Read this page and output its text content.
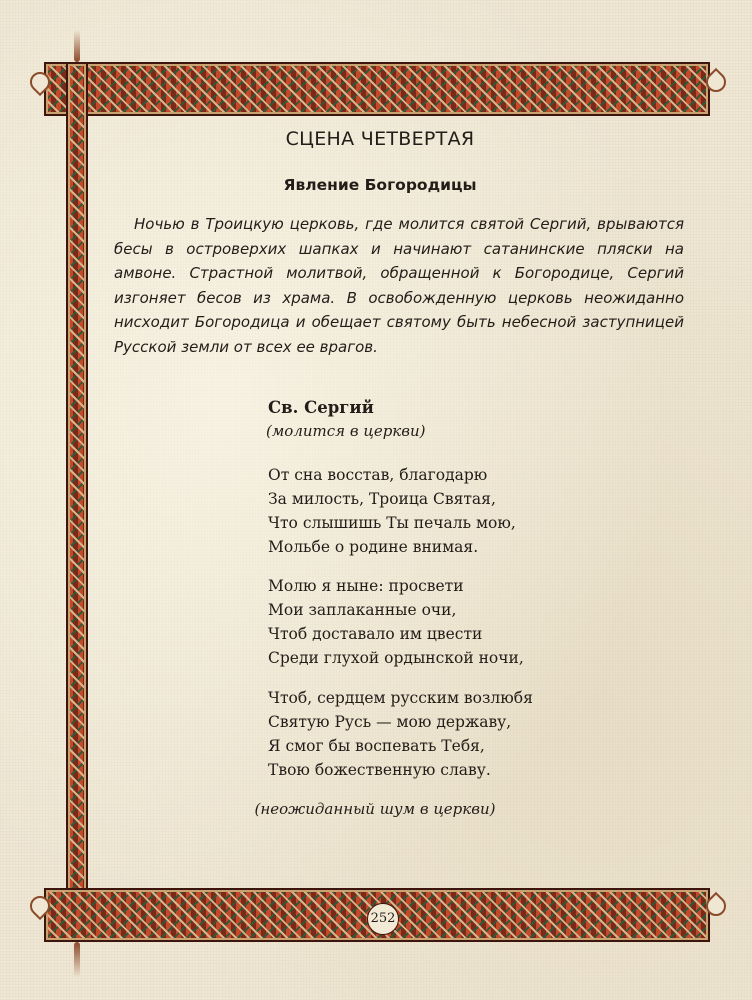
СЦЕНА ЧЕТВЕРТАЯ
Явление Богородицы
Ночью в Троицкую церковь, где молится святой Сергий, врываются бесы в островерхих шапках и начинают сатанинские пляски на амвоне. Страстной молитвой, обращенной к Богородице, Сергий изгоняет бесов из храма. В освобожденную церковь неожиданно нисходит Богородица и обещает святому быть небесной заступницей Русской земли от всех ее врагов.
Св. Сергий
(молится в церкви)
От сна восстав, благодарю
За милость, Троица Святая,
Что слышишь Ты печаль мою,
Мольбе о родине внимая.
Молю я ныне: просвети
Мои заплаканные очи,
Чтоб доставало им цвести
Среди глухой ордынской ночи,
Чтоб, сердцем русским возлюбя
Святую Русь — мою державу,
Я смог бы воспевать Тебя,
Твою божественную славу.
(неожиданный шум в церкви)
252
